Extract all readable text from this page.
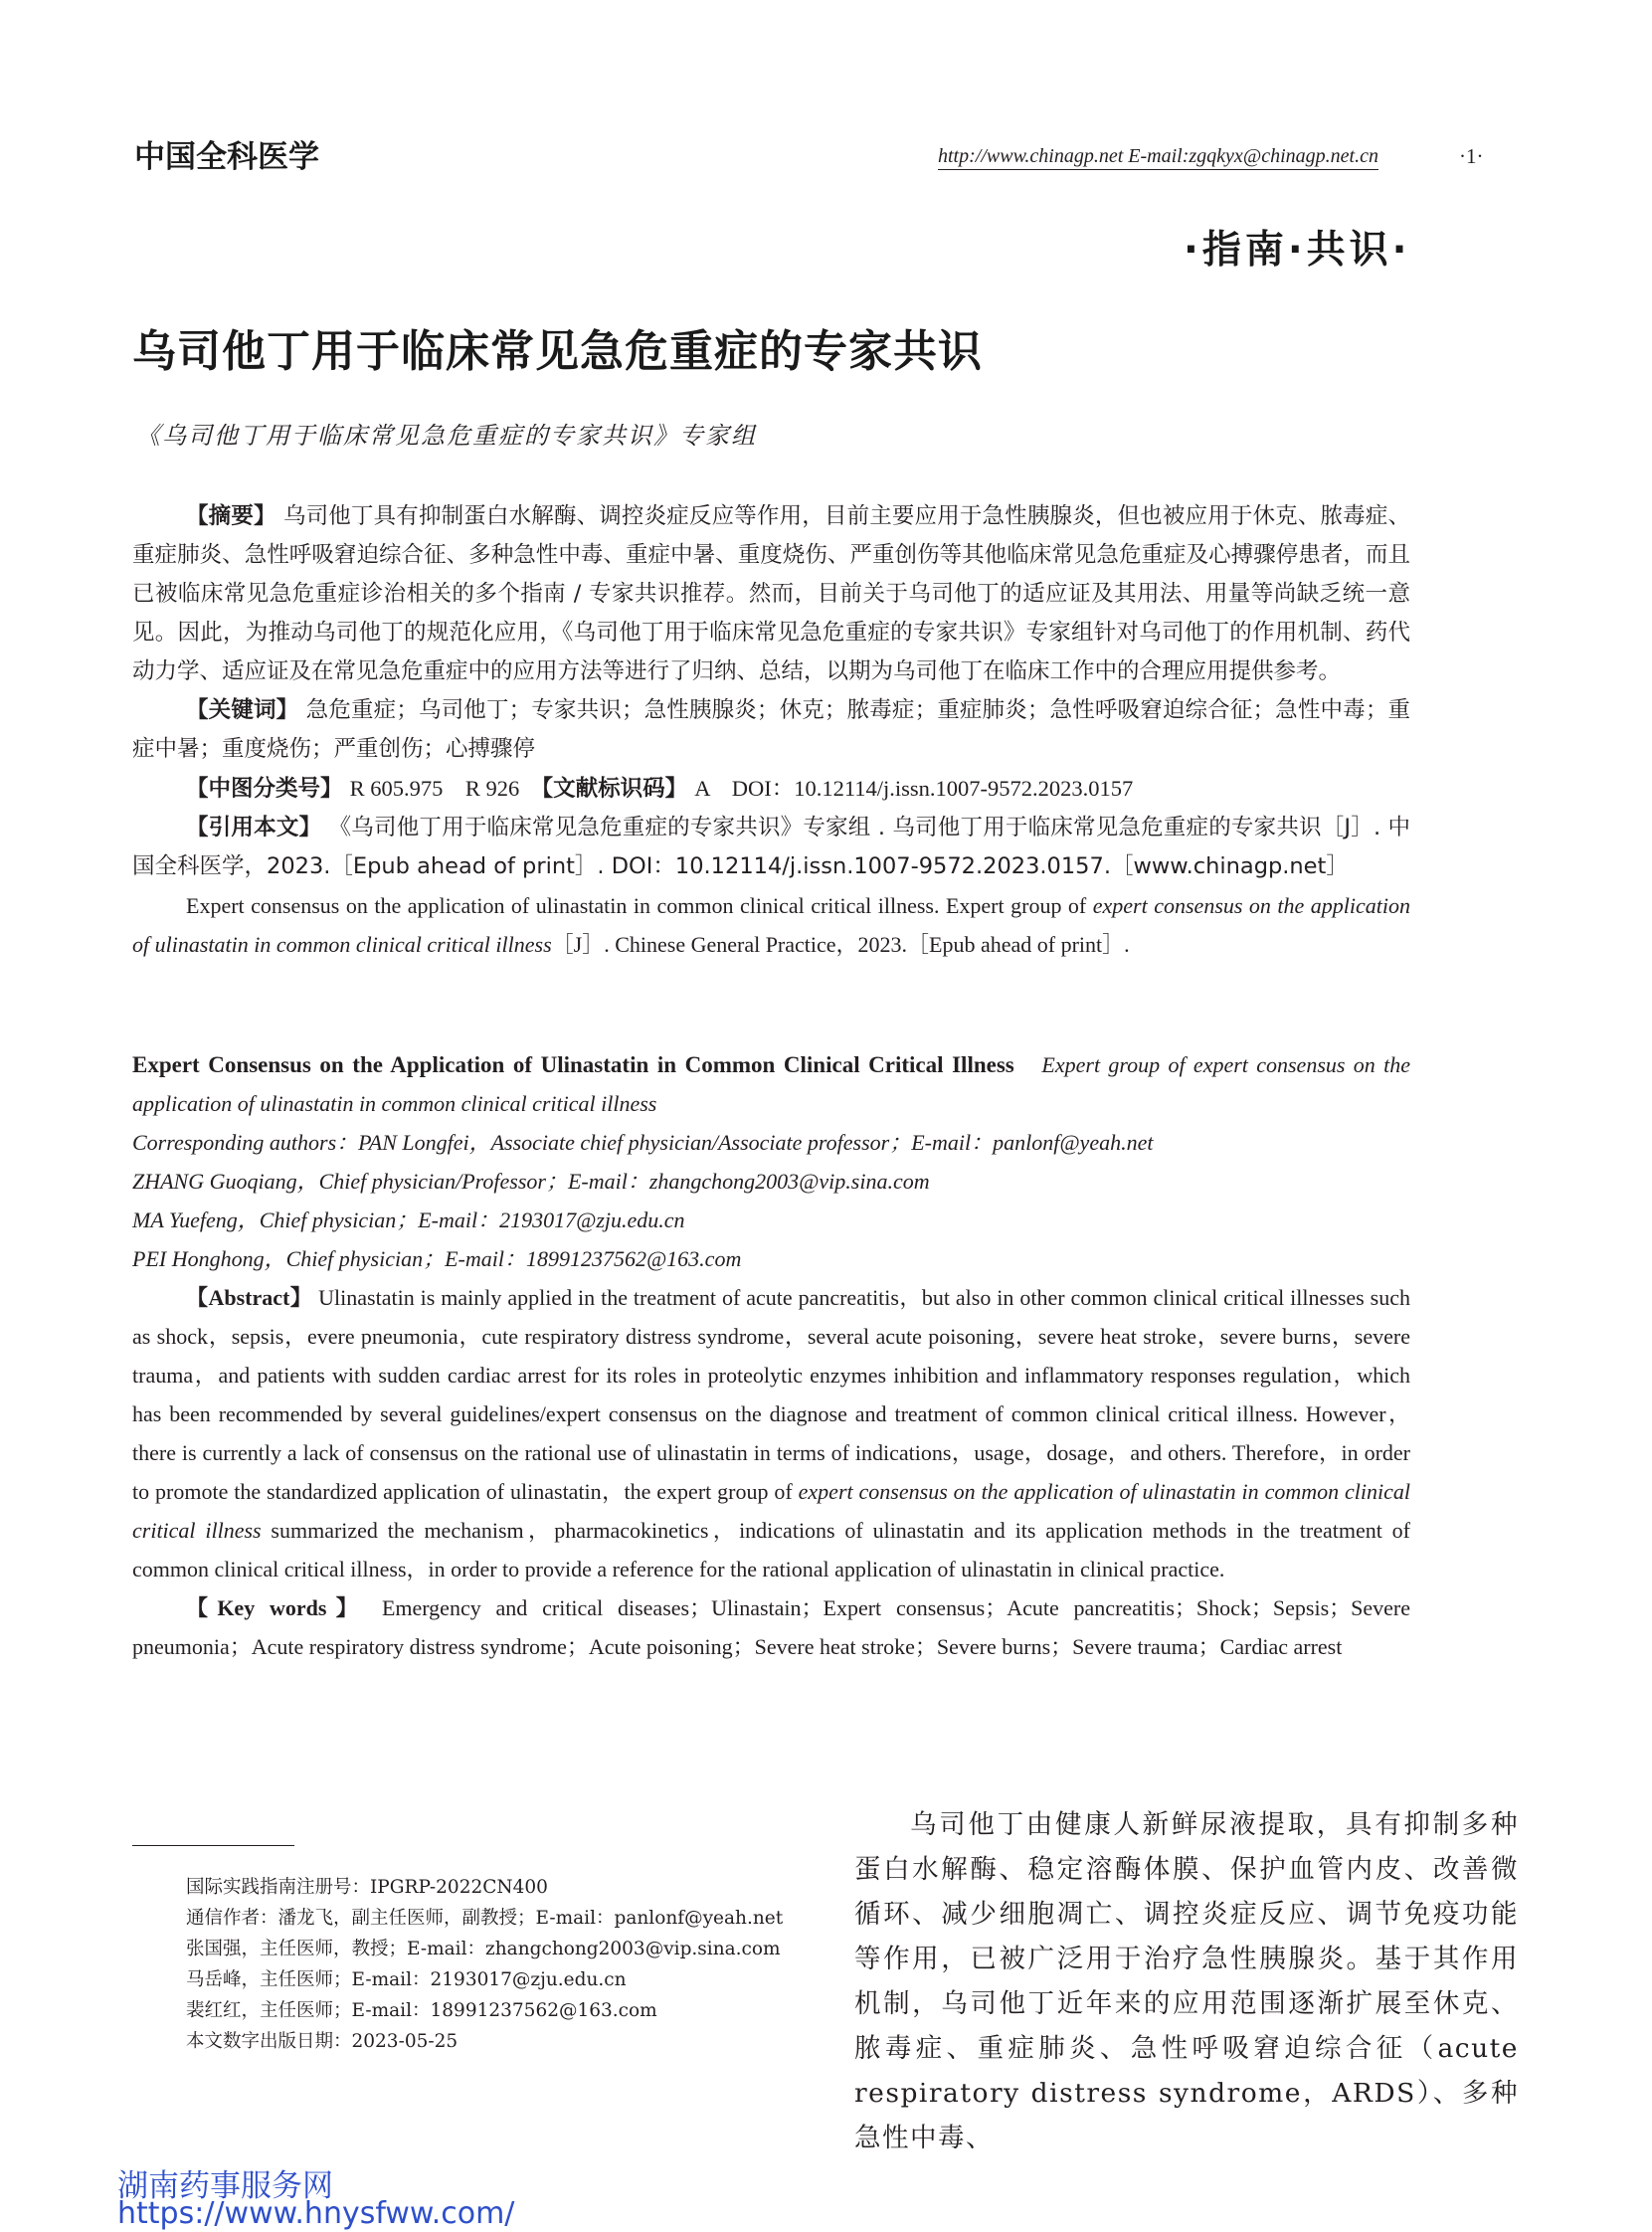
中国全科医学	http://www.chinagp.net E-mail:zgqkyx@chinagp.net.cn	·1·
·指南·共识·
乌司他丁用于临床常见急危重症的专家共识
《乌司他丁用于临床常见急危重症的专家共识》专家组

【摘要】 乌司他丁具有抑制蛋白水解酶、调控炎症反应等作用，目前主要应用于急性胰腺炎，但也被应用于休克、脓毒症、重症肺炎、急性呼吸窘迫综合征、多种急性中毒、重症中暑、重度烧伤、严重创伤等其他临床常见急危重症及心搏骤停患者，而且已被临床常见急危重症诊治相关的多个指南 / 专家共识推荐。然而，目前关于乌司他丁的适应证及其用法、用量等尚缺乏统一意见。因此，为推动乌司他丁的规范化应用，《乌司他丁用于临床常见急危重症的专家共识》专家组针对乌司他丁的作用机制、药代动力学、适应证及在常见急危重症中的应用方法等进行了归纳、总结，以期为乌司他丁在临床工作中的合理应用提供参考。

【关键词】 急危重症；乌司他丁；专家共识；急性胰腺炎；休克；脓毒症；重症肺炎；急性呼吸窘迫综合征；急性中毒；重症中暑；重度烧伤；严重创伤；心搏骤停

【中图分类号】 R 605.975　R 926　 【文献标识码】 A　DOI：10.12114/j.issn.1007-9572.2023.0157

【引用本文】 《乌司他丁用于临床常见急危重症的专家共识》专家组 . 乌司他丁用于临床常见急危重症的专家共识［J］. 中国全科医学，2023.［Epub ahead of print］. DOI：10.12114/j.issn.1007-9572.2023.0157.［www.chinagp.net］

Expert consensus on the application of ulinastatin in common clinical critical illness. Expert group of expert consensus on the application of ulinastatin in common clinical critical illness［J］. Chinese General Practice，2023.［Epub ahead of print］.

Expert Consensus on the Application of Ulinastatin in Common Clinical Critical Illness　 Expert group of expert consensus on the application of ulinastatin in common clinical critical illness

Corresponding authors：PAN Longfei，Associate chief physician/Associate professor；E-mail：panlonf@yeah.net

ZHANG Guoqiang，Chief physician/Professor；E-mail：zhangchong2003@vip.sina.com

MA Yuefeng，Chief physician；E-mail：2193017@zju.edu.cn

PEI Honghong，Chief physician；E-mail：18991237562@163.com

【Abstract】 Ulinastatin is mainly applied in the treatment of acute pancreatitis，but also in other common clinical critical illnesses such as shock，sepsis，evere pneumonia，cute respiratory distress syndrome，several acute poisoning，severe heat stroke，severe burns，severe trauma，and patients with sudden cardiac arrest for its roles in proteolytic enzymes inhibition and inflammatory responses regulation，which has been recommended by several guidelines/expert consensus on the diagnose and treatment of common clinical critical illness. However，there is currently a lack of consensus on the rational use of ulinastatin in terms of indications，usage，dosage，and others. Therefore，in order to promote the standardized application of ulinastatin，the expert group of expert consensus on the application of ulinastatin in common clinical critical illness summarized the mechanism，pharmacokinetics，indications of ulinastatin and its application methods in the treatment of common clinical critical illness，in order to provide a reference for the rational application of ulinastatin in clinical practice.

【Key words】 Emergency and critical diseases；Ulinastain；Expert consensus；Acute pancreatitis；Shock；Sepsis；Severe pneumonia；Acute respiratory distress syndrome；Acute poisoning；Severe heat stroke；Severe burns；Severe trauma；Cardiac arrest

国际实践指南注册号：IPGRP-2022CN400

通信作者：潘龙飞，副主任医师，副教授；E-mail：panlonf@yeah.net

张国强，主任医师，教授；E-mail：zhangchong2003@vip.sina.com

马岳峰，主任医师；E-mail：2193017@zju.edu.cn

裴红红，主任医师；E-mail：18991237562@163.com

本文数字出版日期：2023-05-25

乌司他丁由健康人新鲜尿液提取，具有抑制多种蛋白水解酶、稳定溶酶体膜、保护血管内皮、改善微循环、减少细胞凋亡、调控炎症反应、调节免疫功能等作用，已被广泛用于治疗急性胰腺炎。基于其作用机制，乌司他丁近年来的应用范围逐渐扩展至休克、脓毒症、重症肺炎、急性呼吸窘迫综合征（acute respiratory distress syndrome，ARDS）、多种急性中毒、

湖南药事服务网
https://www.hnysfww.com/
